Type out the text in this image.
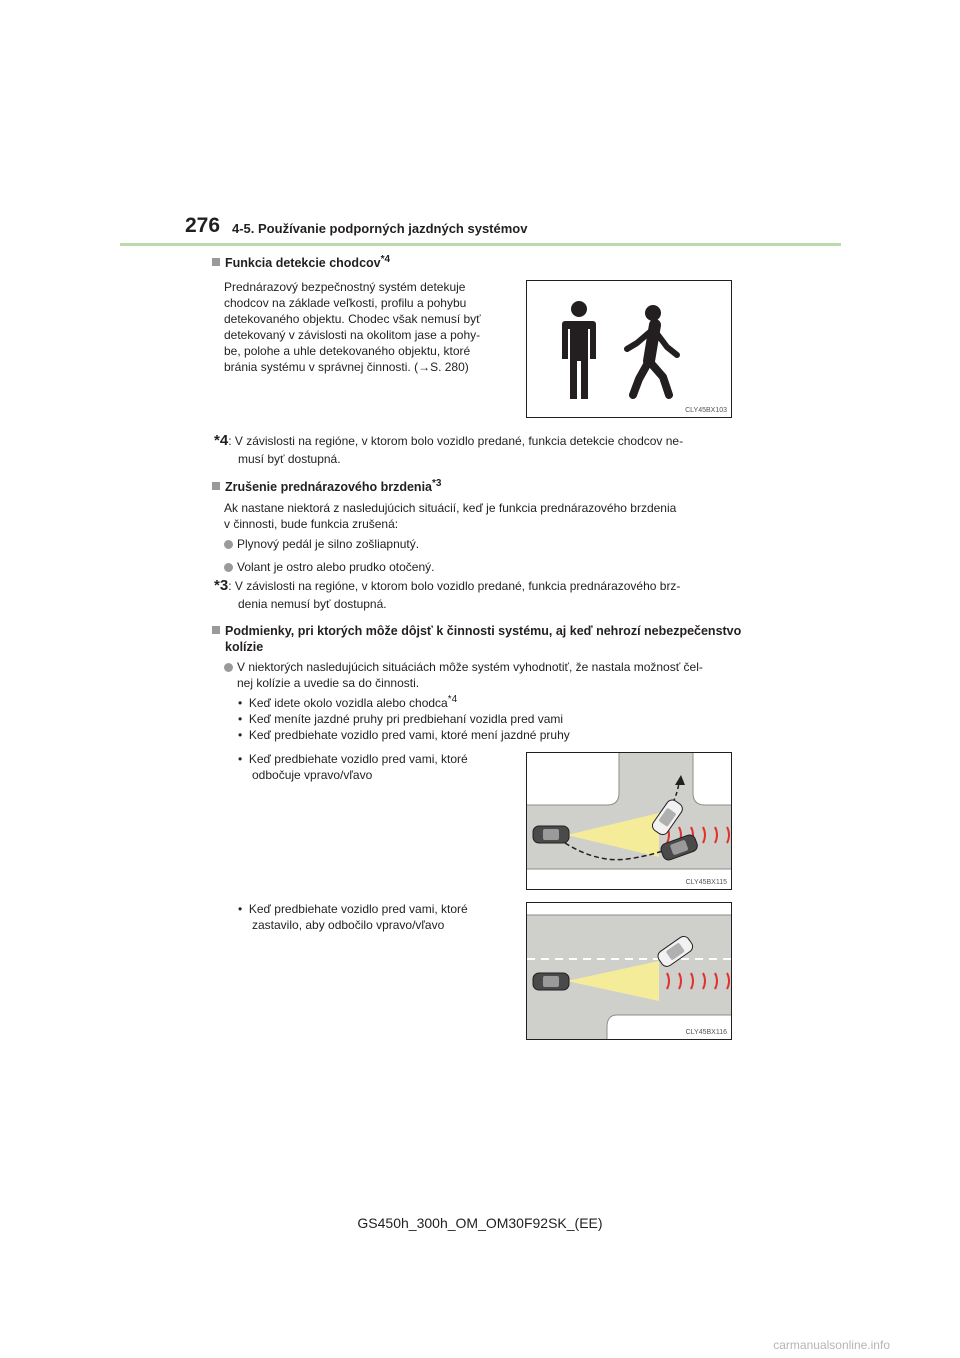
276 4-5. Používanie podporných jazdných systémov
Funkcia detekcie chodcov$^{*4}$
Prednárazový bezpečnostný systém detekuje
chodcov na základe veľkosti, profilu a pohybu
detekovaného objektu. Chodec však nemusí byť
detekovaný v závislosti na okolitom jase a pohy-
be, polohe a uhle detekovaného objektu, ktoré
bránia systému v správnej činnosti. (→S. 280)
CLY45BX103
*4: V závislosti na regióne, v ktorom bolo vozidlo predané, funkcia detekcie chodcov ne-
musí byť dostupná.
Zrušenie prednárazového brzdenia$^{*3}$
Ak nastane niektorá z nasledujúcich situácií, keď je funkcia prednárazového brzdenia
v činnosti, bude funkcia zrušená:
Plynový pedál je silno zošliapnutý.
Volant je ostro alebo prudko otočený.
*3: V závislosti na regióne, v ktorom bolo vozidlo predané, funkcia prednárazového brz-
denia nemusí byť dostupná.
Podmienky, pri ktorých môže dôjsť k činnosti systému, aj keď nehrozí nebezpečenstvo
kolízie
V niektorých nasledujúcich situáciách môže systém vyhodnotiť, že nastala možnosť čel-
nej kolízie a uvedie sa do činnosti.
•  Keď idete okolo vozidla alebo chodca$^{*4}$
•  Keď meníte jazdné pruhy pri predbiehaní vozidla pred vami
•  Keď predbiehate vozidlo pred vami, ktoré mení jazdné pruhy
•  Keď predbiehate vozidlo pred vami, ktoré
odbočuje vpravo/vľavo
CLY45BX115
•  Keď predbiehate vozidlo pred vami, ktoré
zastavilo, aby odbočilo vpravo/vľavo
CLY45BX116
GS450h_300h_OM_OM30F92SK_(EE)
carmanualsonline.info
